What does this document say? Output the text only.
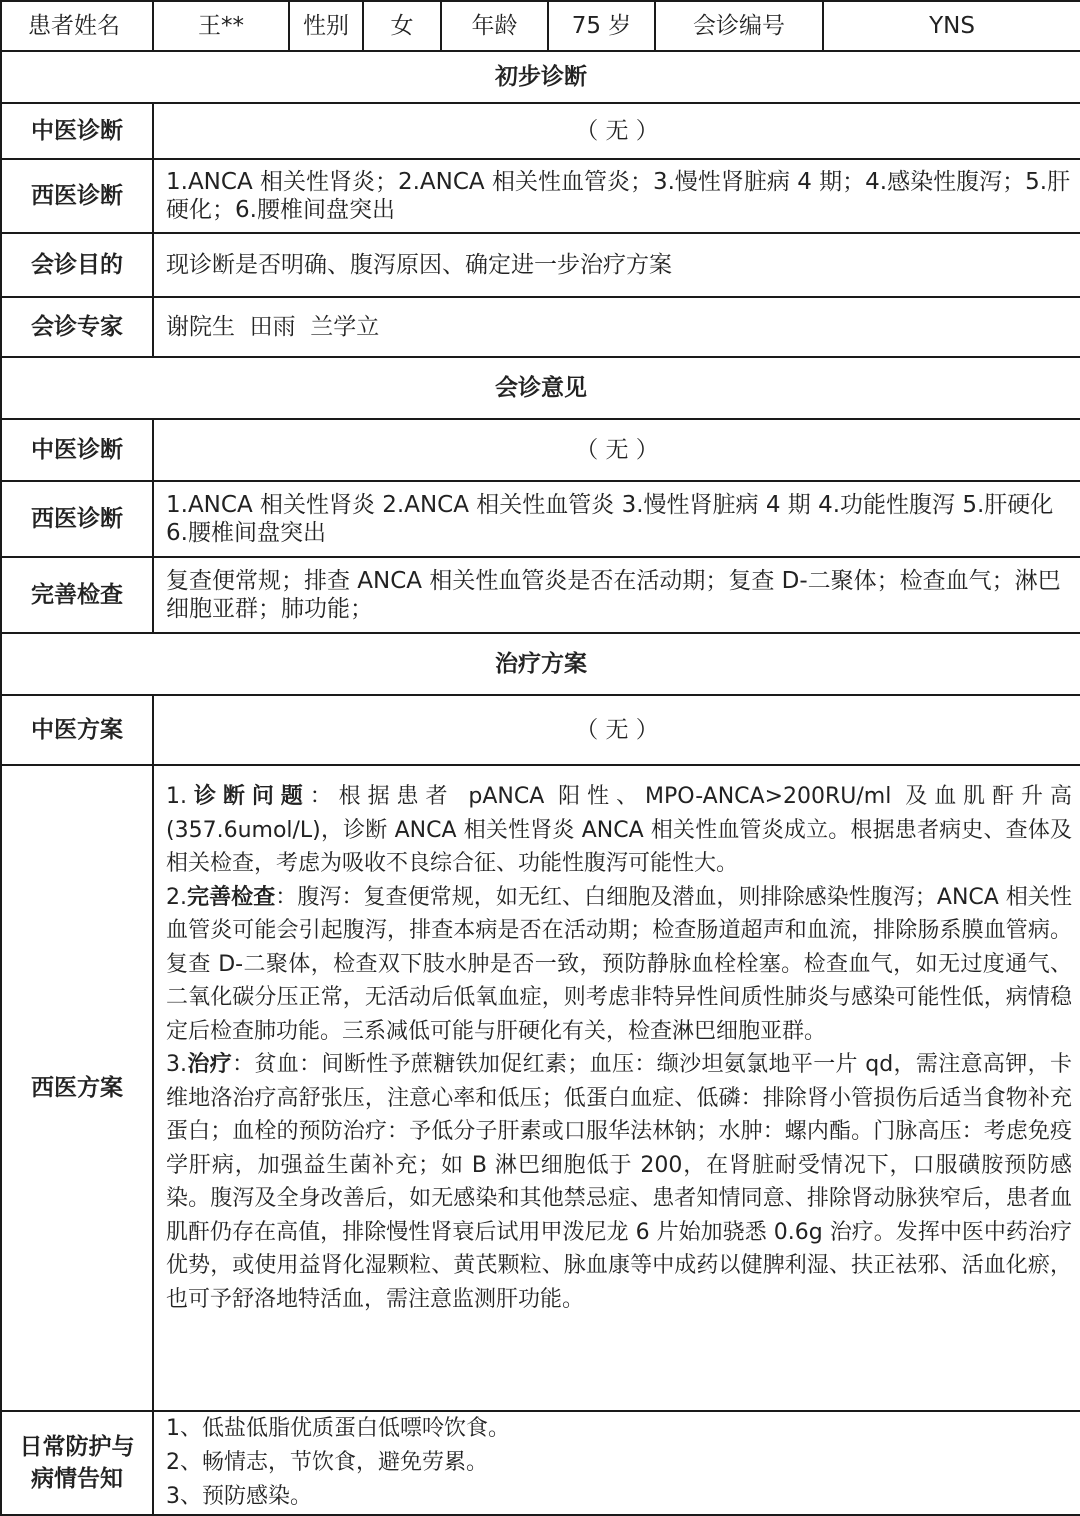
患者姓名	王**	性别	女	年龄	75 岁	会诊编号	YNS
初步诊断							
中医诊断	（ 无 ）						
西医诊断	1.ANCA 相关性肾炎；2.ANCA 相关性血管炎；3.慢性肾脏病 4 期；4.感染性腹泻；5.肝硬化；6.腰椎间盘突出						
会诊目的	现诊断是否明确、腹泻原因、确定进一步治疗方案						
会诊专家	谢院生  田雨  兰学立						
会诊意见							
中医诊断	（ 无 ）						
西医诊断	1.ANCA 相关性肾炎 2.ANCA 相关性血管炎 3.慢性肾脏病 4 期 4.功能性腹泻 5.肝硬化 6.腰椎间盘突出						
完善检查	复查便常规；排查 ANCA 相关性血管炎是否在活动期；复查 D-二聚体；检查血气；淋巴细胞亚群；肺功能；						
治疗方案							
中医方案	（ 无 ）						
西医方案	1.诊断问题：根据患者 pANCA 阳性、MPO-ANCA>200RU/ml 及血肌酐升高(357.6umol/L)，诊断 ANCA 相关性肾炎 ANCA 相关性血管炎成立。根据患者病史、查体及相关检查，考虑为吸收不良综合征、功能性腹泻可能性大。
2.完善检查：腹泻：复查便常规，如无红、白细胞及潜血，则排除感染性腹泻；ANCA 相关性血管炎可能会引起腹泻，排查本病是否在活动期；检查肠道超声和血流，排除肠系膜血管病。复查 D-二聚体，检查双下肢水肿是否一致，预防静脉血栓栓塞。检查血气，如无过度通气、二氧化碳分压正常，无活动后低氧血症，则考虑非特异性间质性肺炎与感染可能性低，病情稳定后检查肺功能。三系减低可能与肝硬化有关，检查淋巴细胞亚群。
3.治疗：贫血：间断性予蔗糖铁加促红素；血压：缬沙坦氨氯地平一片 qd，需注意高钾，卡维地洛治疗高舒张压，注意心率和低压；低蛋白血症、低磷：排除肾小管损伤后适当食物补充蛋白；血栓的预防治疗：予低分子肝素或口服华法林钠；水肿：螺内酯。门脉高压：考虑免疫学肝病，加强益生菌补充；如 B 淋巴细胞低于 200，在肾脏耐受情况下，口服磺胺预防感染。腹泻及全身改善后，如无感染和其他禁忌症、患者知情同意、排除肾动脉狭窄后，患者血肌酐仍存在高值，排除慢性肾衰后试用甲泼尼龙 6 片始加骁悉 0.6g 治疗。发挥中医中药治疗优势，或使用益肾化湿颗粒、黄芪颗粒、脉血康等中成药以健脾利湿、扶正祛邪、活血化瘀，也可予舒洛地特活血，需注意监测肝功能。						

日常防护与病情告知	1、低盐低脂优质蛋白低嘌呤饮食。
2、畅情志，节饮食，避免劳累。
3、预防感染。						
